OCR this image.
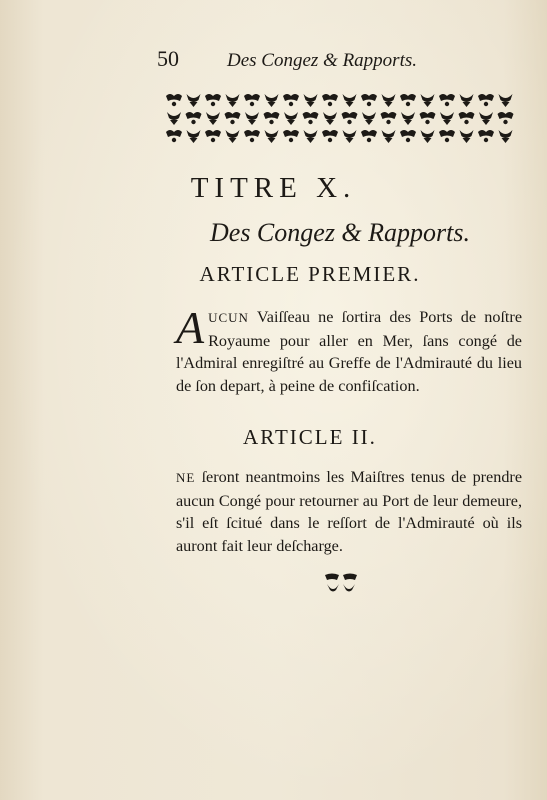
50	Des Congez & Rapports.
TITRE X.
Des Congez & Rapports.
ARTICLE PREMIER.
A UCUN Vaiſſeau ne ſortira des Ports de noſtre Royaume pour aller en Mer, ſans congé de l'Admiral enregiſtré au Greffe de l'Admirauté du lieu de ſon depart, à peine de confiſcation.
ARTICLE II.
NE ſeront neantmoins les Maiſtres tenus de prendre aucun Congé pour retourner au Port de leur demeure, s'il eſt ſcitué dans le reſſort de l'Admirauté où ils auront fait leur deſcharge.
